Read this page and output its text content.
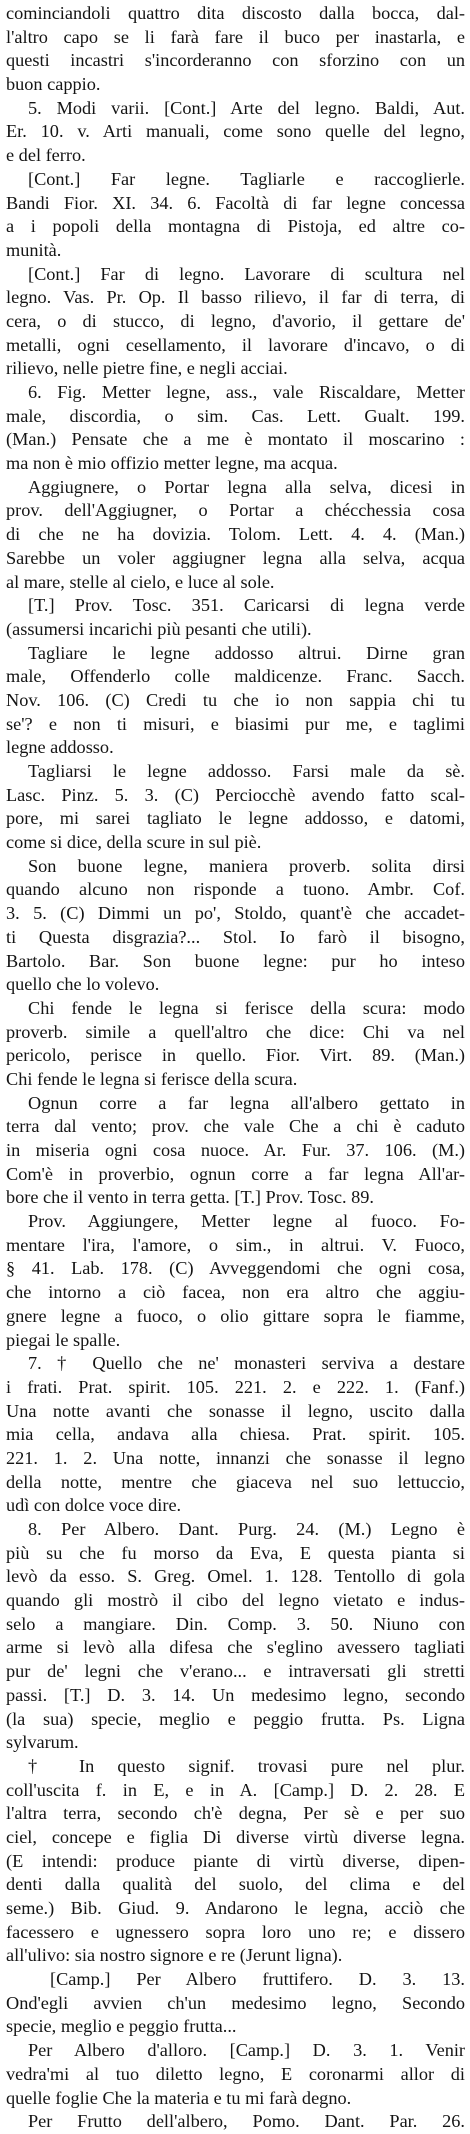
cominciandoli quattro dita discosto dalla bocca, dal-
l'altro capo se li farà fare il buco per inastarla, e
questi incastri s'incorderanno con sforzino con un
buon cappio.
5. Modi varii. [Cont.] Arte del legno. Baldi, Aut.
Er. 10. v. Arti manuali, come sono quelle del legno,
e del ferro.
[Cont.] Far legne. Tagliarle e raccoglierle.
Bandi Fior. XI. 34. 6. Facoltà di far legne concessa
a i popoli della montagna di Pistoja, ed altre co-
munità.
[Cont.] Far di legno. Lavorare di scultura nel
legno. Vas. Pr. Op. Il basso rilievo, il far di terra, di
cera, o di stucco, di legno, d'avorio, il gettare de'
metalli, ogni cesellamento, il lavorare d'incavo, o di
rilievo, nelle pietre fine, e negli acciai.
6. Fig. Metter legne, ass., vale Riscaldare, Metter
male, discordia, o sim. Cas. Lett. Gualt. 199.
(Man.) Pensate che a me è montato il moscarino :
ma non è mio offizio metter legne, ma acqua.
Aggiugnere, o Portar legna alla selva, dicesi in
prov. dell'Aggiugner, o Portar a chécchessia cosa
di che ne ha dovizia. Tolom. Lett. 4. 4. (Man.)
Sarebbe un voler aggiugner legna alla selva, acqua
al mare, stelle al cielo, e luce al sole.
[T.] Prov. Tosc. 351. Caricarsi di legna verde
(assumersi incarichi più pesanti che utili).
Tagliare le legne addosso altrui. Dirne gran
male, Offenderlo colle maldicenze. Franc. Sacch.
Nov. 106. (C) Credi tu che io non sappia chi tu
se'? e non ti misuri, e biasimi pur me, e taglimi
legne addosso.
Tagliarsi le legne addosso. Farsi male da sè.
Lasc. Pinz. 5. 3. (C) Perciocchè avendo fatto scal-
pore, mi sarei tagliato le legne addosso, e datomi,
come si dice, della scure in sul piè.
Son buone legne, maniera proverb. solita dirsi
quando alcuno non risponde a tuono. Ambr. Cof.
3. 5. (C) Dimmi un po', Stoldo, quant'è che accadet-
ti Questa disgrazia?... Stol. Io farò il bisogno,
Bartolo. Bar. Son buone legne: pur ho inteso
quello che lo volevo.
Chi fende le legna si ferisce della scura: modo
proverb. simile a quell'altro che dice: Chi va nel
pericolo, perisce in quello. Fior. Virt. 89. (Man.)
Chi fende le legna si ferisce della scura.
Ognun corre a far legna all'albero gettato in
terra dal vento; prov. che vale Che a chi è caduto
in miseria ogni cosa nuoce. Ar. Fur. 37. 106. (M.)
Com'è in proverbio, ognun corre a far legna All'ar-
bore che il vento in terra getta. [T.] Prov. Tosc. 89.
Prov. Aggiungere, Metter legne al fuoco. Fo-
mentare l'ira, l'amore, o sim., in altrui. V. Fuoco,
§ 41. Lab. 178. (C) Avveggendomi che ogni cosa,
che intorno a ciò facea, non era altro che aggiu-
gnere legne a fuoco, o olio gittare sopra le fiamme,
piegai le spalle.
7. † Quello che ne' monasteri serviva a destare
i frati. Prat. spirit. 105. 221. 2. e 222. 1. (Fanf.)
Una notte avanti che sonasse il legno, uscito dalla
mia cella, andava alla chiesa. Prat. spirit. 105.
221. 1. 2. Una notte, innanzi che sonasse il legno
della notte, mentre che giaceva nel suo lettuccio,
udì con dolce voce dire.
8. Per Albero. Dant. Purg. 24. (M.) Legno è
più su che fu morso da Eva, E questa pianta si
levò da esso. S. Greg. Omel. 1. 128. Tentollo di gola
quando gli mostrò il cibo del legno vietato e indus-
selo a mangiare. Din. Comp. 3. 50. Niuno con
arme si levò alla difesa che s'eglino avessero tagliati
pur de' legni che v'erano... e intraversati gli stretti
passi. [T.] D. 3. 14. Un medesimo legno, secondo
(la sua) specie, meglio e peggio frutta. Ps. Ligna
sylvarum.
† In questo signif. trovasi pure nel plur.
coll'uscita f. in E, e in A. [Camp.] D. 2. 28. E
l'altra terra, secondo ch'è degna, Per sè e per suo
ciel, concepe e figlia Di diverse virtù diverse legna.
(E intendi: produce piante di virtù diverse, dipen-
denti dalla qualità del suolo, del clima e del
seme.) Bib. Giud. 9. Andarono le legna, acciò che
facessero e ugnessero sopra loro uno re; e dissero
all'ulivo: sia nostro signore e re (Jerunt ligna).
[Camp.] Per Albero fruttifero. D. 3. 13.
Ond'egli avvien ch'un medesimo legno, Secondo
specie, meglio e peggio frutta...
Per Albero d'alloro. [Camp.] D. 3. 1. Venir
vedra'mi al tuo diletto legno, E coronarmi allor di
quelle foglie Che la materia e tu mi farà degno.
Per Frutto dell'albero, Pomo. Dant. Par. 26.
